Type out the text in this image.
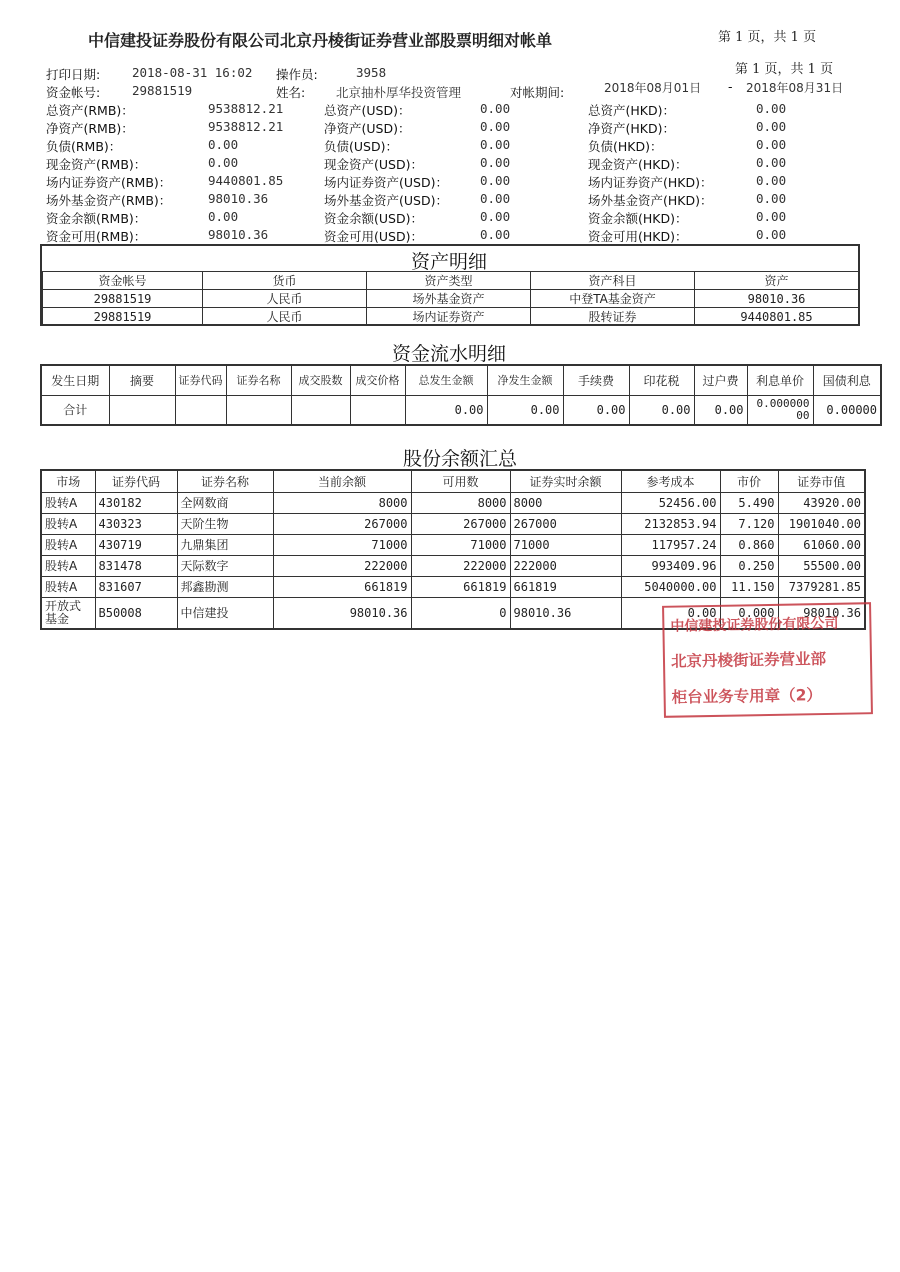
中信建投证券股份有限公司北京丹棱街证券营业部股票明细对帐单	第 1 页，共 1 页
第 1 页，共 1 页
打印日期:	2018-08-31 16:02 操作员:	3958
资金帐号:	29881519	姓名: 北京抽朴厚华投资管理	对帐期间:	2018年08月01日 - 2018年08月31日
总资产(RMB)：	9538812.21	总资产(USD)：	0.00	总资产(HKD)：	0.00
净资产(RMB)：	9538812.21	净资产(USD)：	0.00	净资产(HKD)：	0.00
负债(RMB)：	0.00	负债(USD)：	0.00	负债(HKD)：	0.00
现金资产(RMB)：	0.00	现金资产(USD)：	0.00	现金资产(HKD)：	0.00
场内证券资产(RMB)：	9440801.85	场内证券资产(USD)：	0.00	场内证券资产(HKD)：	0.00
场外基金资产(RMB)：	98010.36	场外基金资产(USD)：	0.00	场外基金资产(HKD)：	0.00
资金余额(RMB)：	0.00	资金余额(USD)：	0.00	资金余额(HKD)：	0.00
资金可用(RMB)：	98010.36	资金可用(USD)：	0.00	资金可用(HKD)：	0.00
资产明细
资金帐号	货币	资产类型	资产科目	资产
29881519	人民币	场外基金资产	中登TA基金资产	98010.36
29881519	人民币	场内证券资产	股转证券	9440801.85
资金流水明细
发生日期	摘要	证券代码	证券名称	成交股数	成交价格	总发生金额	净发生金额	手续费	印花税	过户费	利息单价	国债利息
合计						0.00	0.00	0.00	0.00	0.00	0.00000000	0.00000
股份余额汇总
市场	证券代码	证券名称	当前余额	可用数	证券实时余额	参考成本	市价	证券市值
股转A	430182	全网数商	8000	8000	8000	52456.00	5.490	43920.00
股转A	430323	天阶生物	267000	267000	267000	2132853.94	7.120	1901040.00
股转A	430719	九鼎集团	71000	71000	71000	117957.24	0.860	61060.00
股转A	831478	天际数字	222000	222000	222000	993409.96	0.250	55500.00
股转A	831607	邦鑫勘测	661819	661819	661819	5040000.00	11.150	7379281.85
开放式基金	B50008	中信建投	98010.36	0	98010.36	0.00	0.000	98010.36
中信建投证券股份有限公司
北京丹棱街证券营业部
柜台业务专用章（2）
